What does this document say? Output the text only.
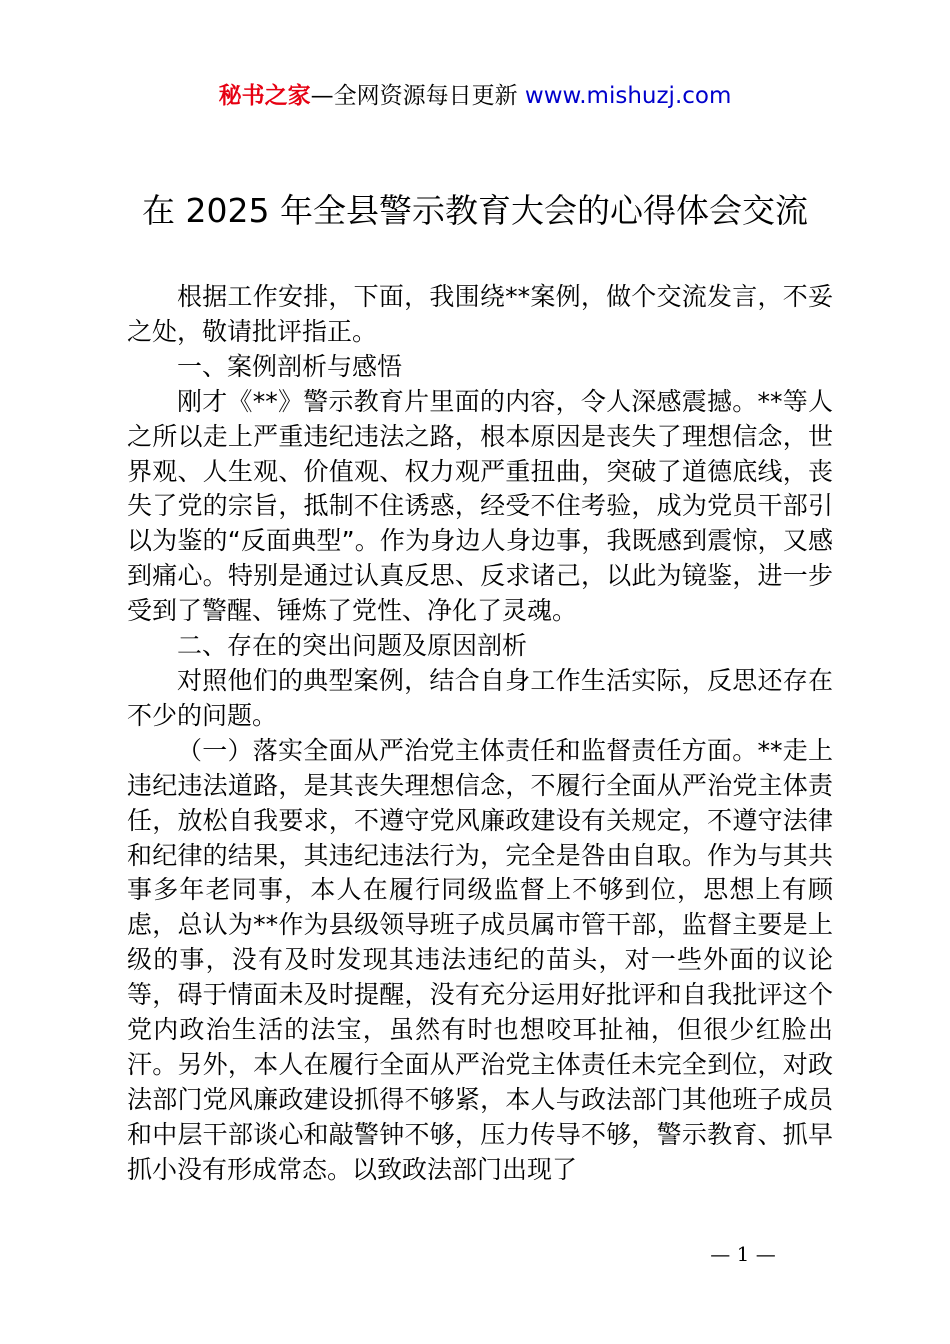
秘书之家—全网资源每日更新 www.mishuzj.com
在 2025 年全县警示教育大会的心得体会交流

根据工作安排，下面，我围绕**案例，做个交流发言，不妥之处，敬请批评指正。

一、案例剖析与感悟

刚才《**》警示教育片里面的内容，令人深感震撼。**等人之所以走上严重违纪违法之路，根本原因是丧失了理想信念，世界观、人生观、价值观、权力观严重扭曲，突破了道德底线，丧失了党的宗旨，抵制不住诱惑，经受不住考验，成为党员干部引以为鉴的“反面典型”。作为身边人身边事，我既感到震惊，又感到痛心。特别是通过认真反思、反求诸己，以此为镜鉴，进一步受到了警醒、锤炼了党性、净化了灵魂。

二、存在的突出问题及原因剖析

对照他们的典型案例，结合自身工作生活实际，反思还存在不少的问题。

（一）落实全面从严治党主体责任和监督责任方面。**走上违纪违法道路，是其丧失理想信念，不履行全面从严治党主体责任，放松自我要求，不遵守党风廉政建设有关规定，不遵守法律和纪律的结果，其违纪违法行为，完全是咎由自取。作为与其共事多年老同事，本人在履行同级监督上不够到位，思想上有顾虑，总认为**作为县级领导班子成员属市管干部，监督主要是上级的事，没有及时发现其违法违纪的苗头，对一些外面的议论等，碍于情面未及时提醒，没有充分运用好批评和自我批评这个党内政治生活的法宝，虽然有时也想咬耳扯袖，但很少红脸出汗。另外，本人在履行全面从严治党主体责任未完全到位，对政法部门党风廉政建设抓得不够紧，本人与政法部门其他班子成员和中层干部谈心和敲警钟不够，压力传导不够，警示教育、抓早抓小没有形成常态。以致政法部门出现了

— 1 —
